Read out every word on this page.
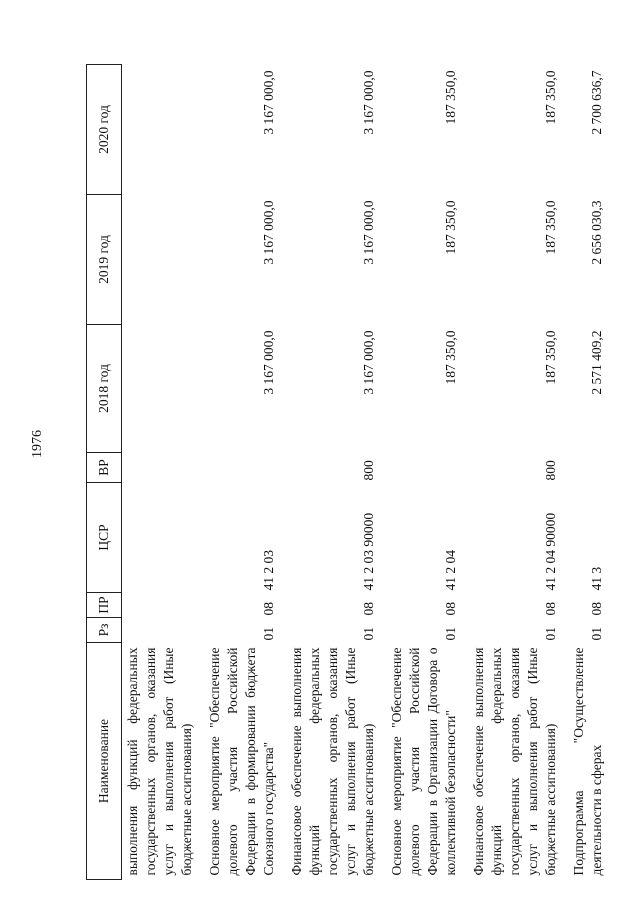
1976
Наименование	Рз	ПР	ЦСР	ВР	2018 год	2019 год	2020 год
выполнения функций федеральных государственных органов, оказания услуг и выполнения работ (Иные бюджетные ассигнования)							
Основное мероприятие "Обеспечение долевого участия Российской Федерации в формировании бюджета Союзного государства"	01	08	41 2 03		3 167 000,0	3 167 000,0	3 167 000,0
Финансовое обеспечение выполнения функций федеральных государственных органов, оказания услуг и выполнения работ (Иные бюджетные ассигнования)	01	08	41 2 03 90000	800	3 167 000,0	3 167 000,0	3 167 000,0
Основное мероприятие "Обеспечение долевого участия Российской Федерации в Организации Договора о коллективной безопасности"	01	08	41 2 04		187 350,0	187 350,0	187 350,0
Финансовое обеспечение выполнения функций федеральных государственных органов, оказания услуг и выполнения работ (Иные бюджетные ассигнования)	01	08	41 2 04 90000	800	187 350,0	187 350,0	187 350,0
Подпрограмма "Осуществление деятельности в сферах	01	08	41 3		2 571 409,2	2 656 030,3	2 700 636,7
